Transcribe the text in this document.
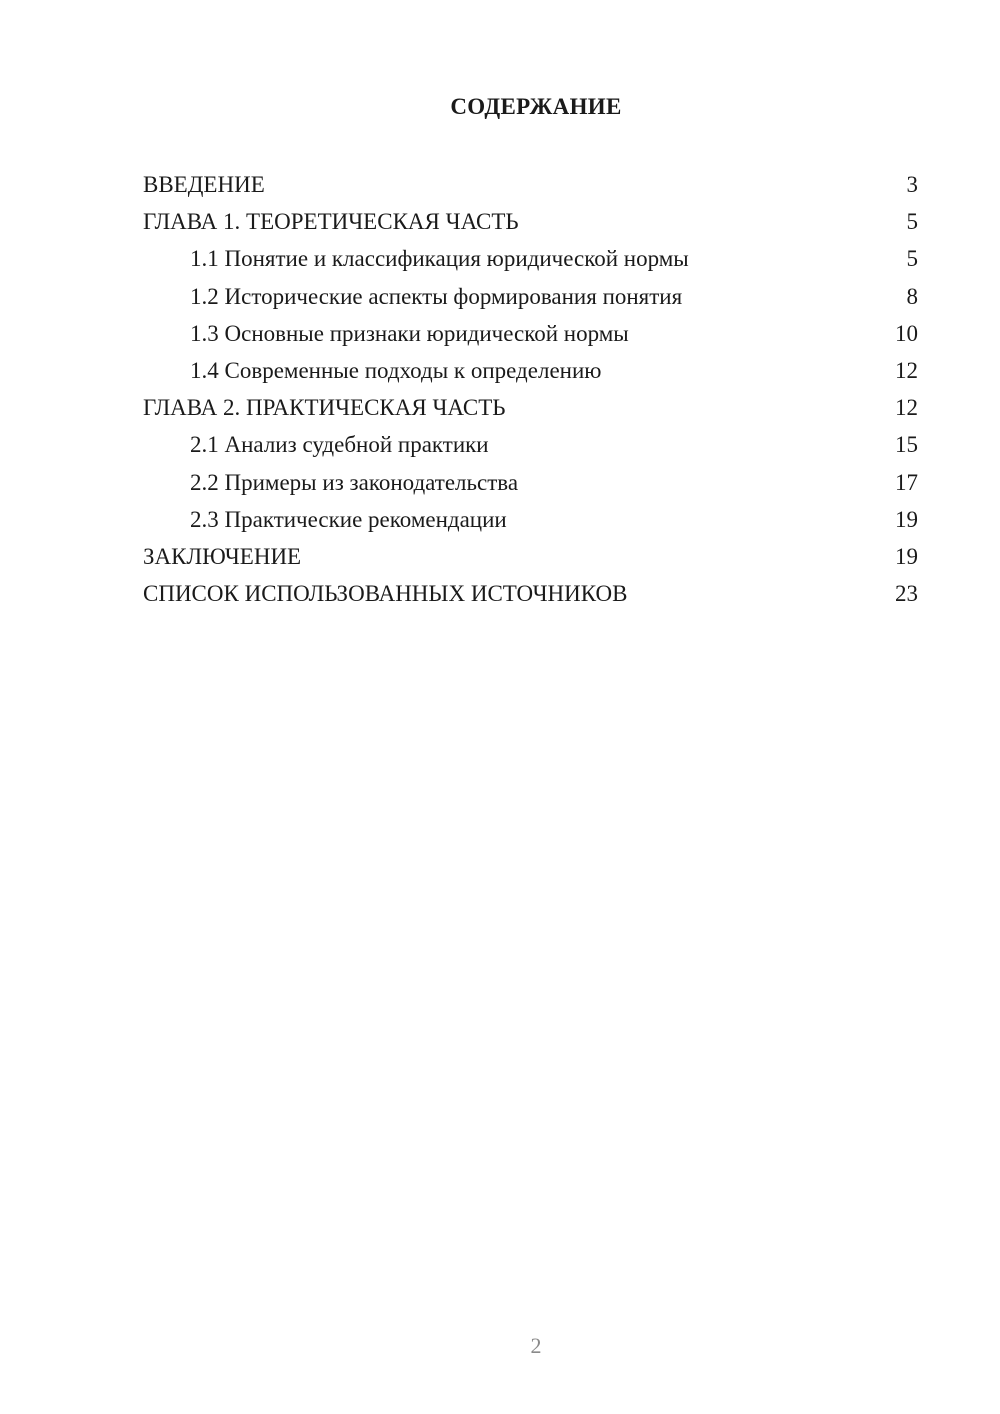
СОДЕРЖАНИЕ
ВВЕДЕНИЕ	3
ГЛАВА 1. ТЕОРЕТИЧЕСКАЯ ЧАСТЬ	5
1.1 Понятие и классификация юридической нормы	5
1.2 Исторические аспекты формирования понятия	8
1.3 Основные признаки юридической нормы	10
1.4 Современные подходы к определению	12
ГЛАВА 2. ПРАКТИЧЕСКАЯ ЧАСТЬ	12
2.1 Анализ судебной практики	15
2.2 Примеры из законодательства	17
2.3 Практические рекомендации	19
ЗАКЛЮЧЕНИЕ	19
СПИСОК ИСПОЛЬЗОВАННЫХ ИСТОЧНИКОВ	23
2
